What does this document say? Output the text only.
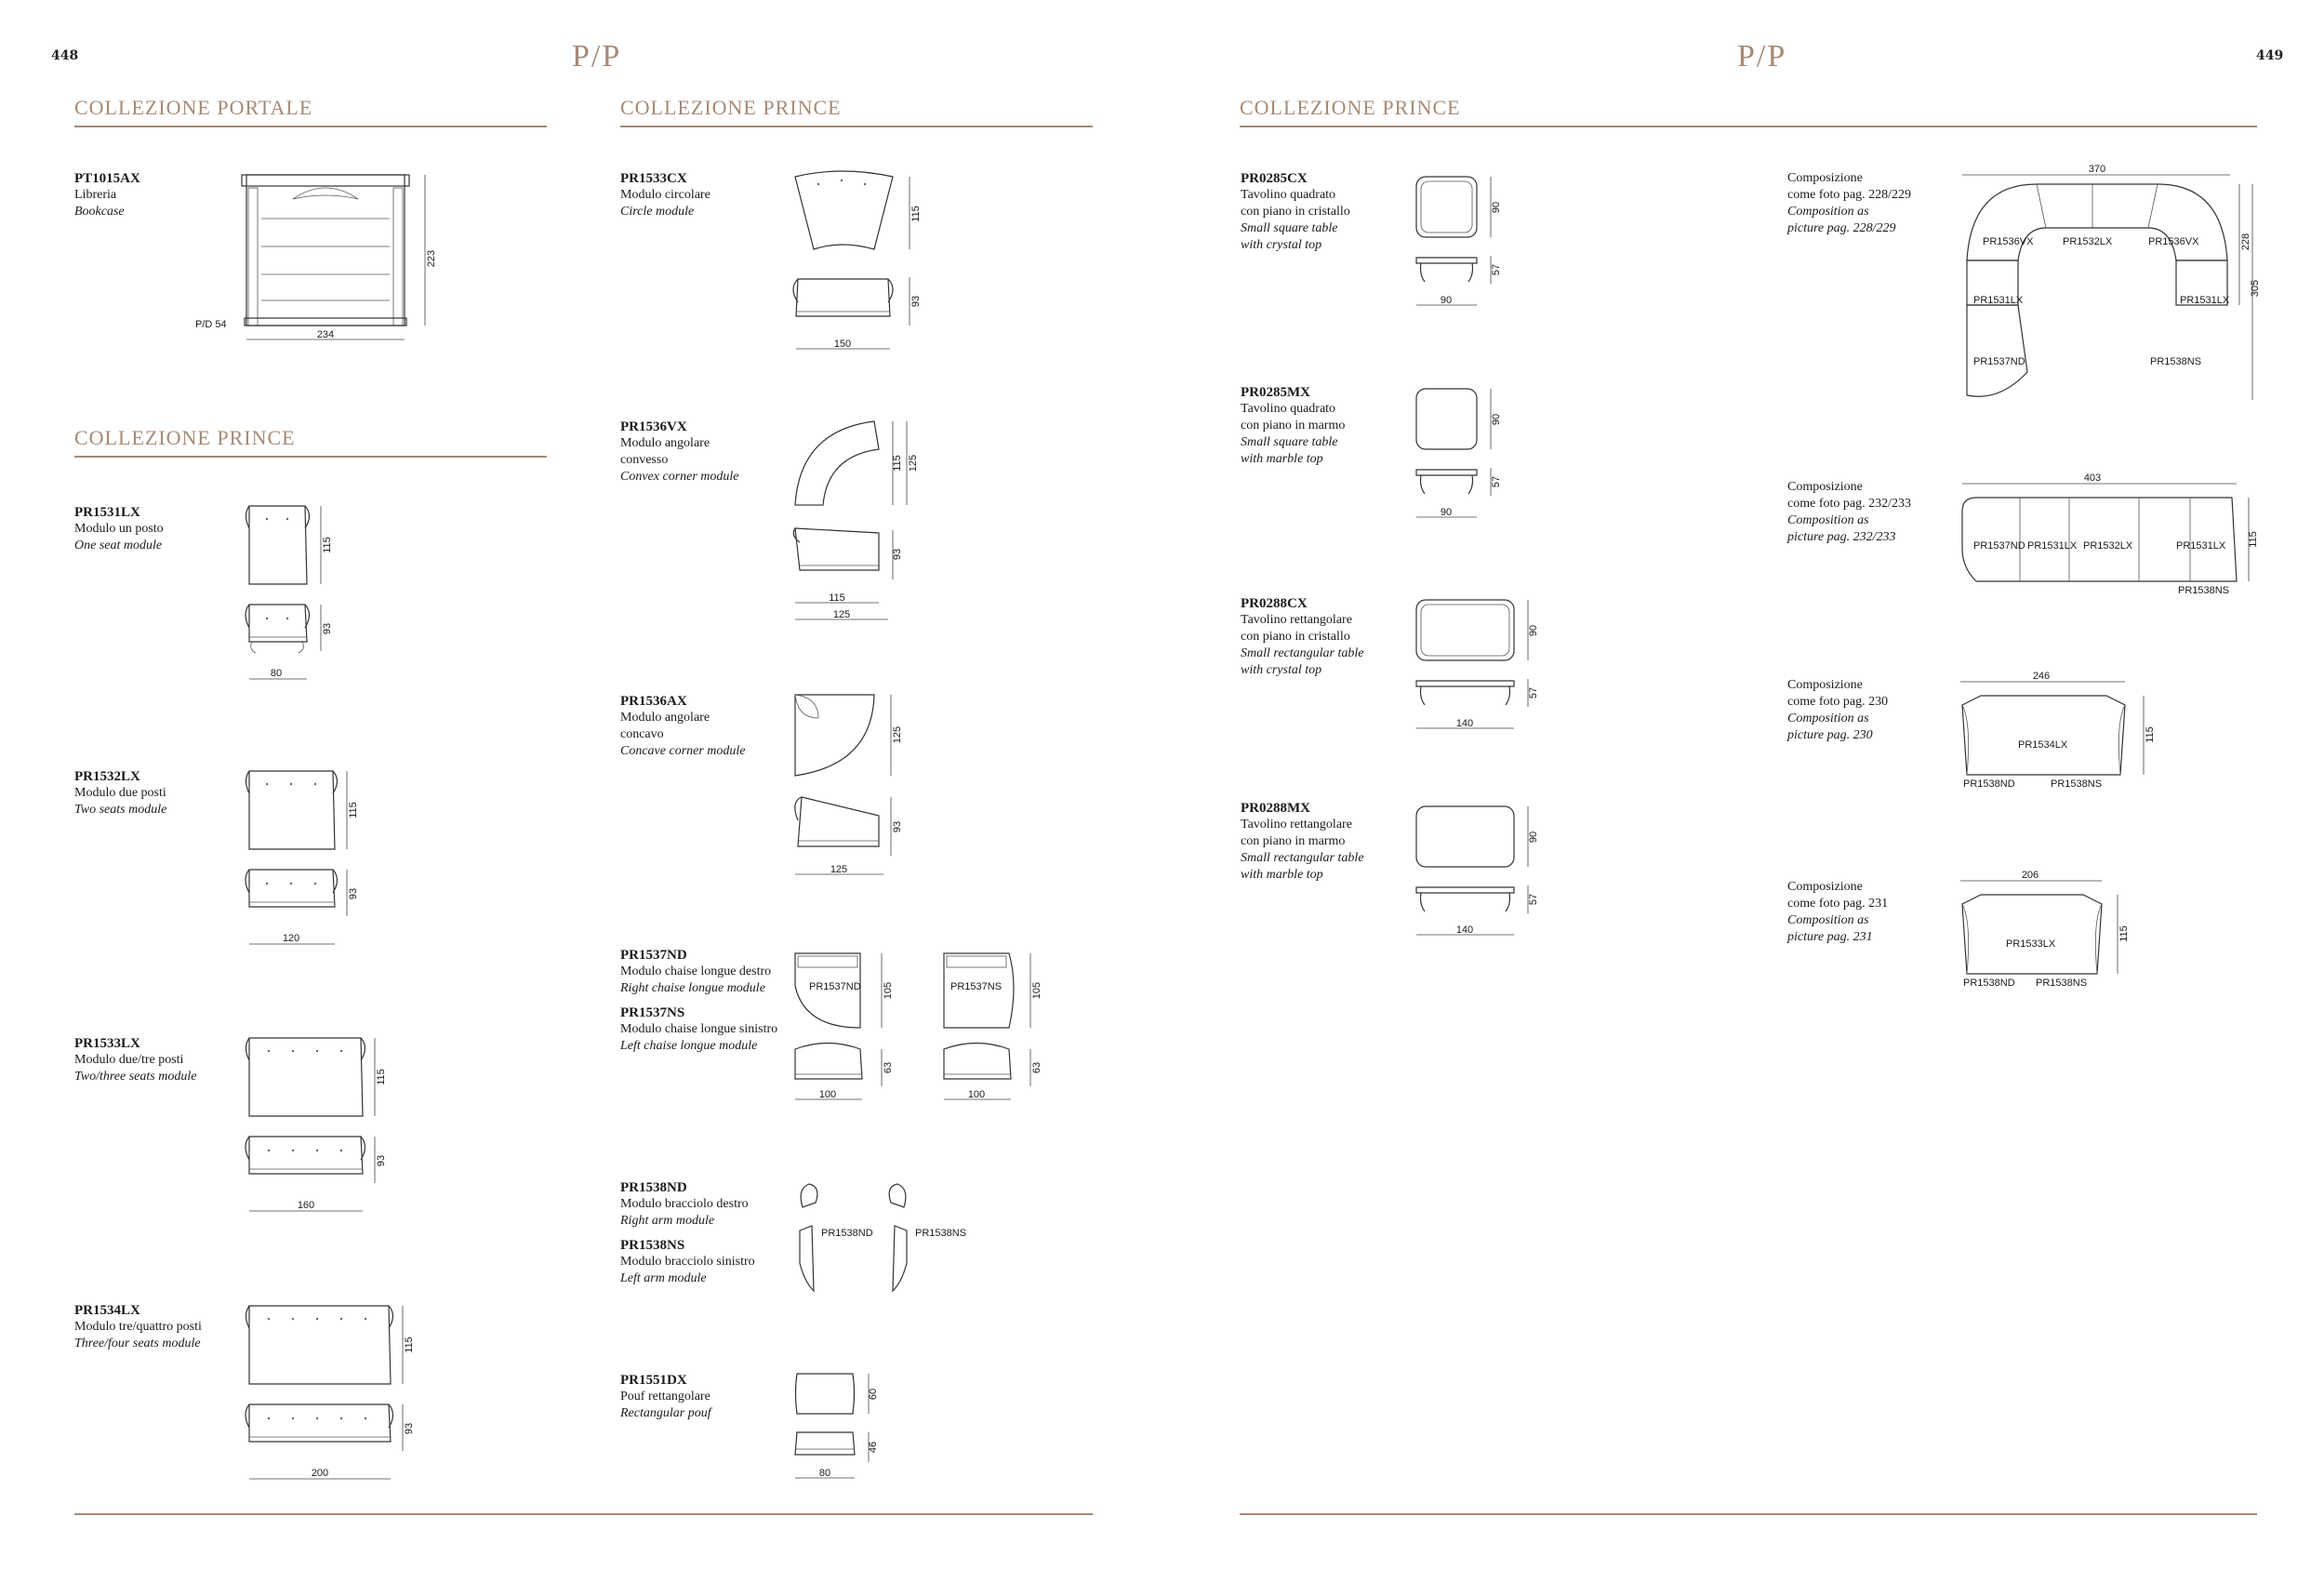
448	449
P/P	P/P
COLLEZIONE PORTALE
COLLEZIONE PRINCE
COLLEZIONE PRINCE	COLLEZIONE PRINCE
PT1015AX
Libreria
Bookcase
223
234
P/D 54
PR1531LX
Modulo un posto
One seat module	115
93
80
PR1532LX
Modulo due posti
Two seats module	115
93
120
PR1533LX
Modulo due/tre posti
Two/three seats module	115
93
160
PR1534LX
Modulo tre/quattro posti
Three/four seats module	115
93
200
PR1533CX
Modulo circolare
Circle module	115
93
150
PR1536VX
Modulo angolare
convesso
Convex corner module
115 125
93
115
125
PR1536AX
Modulo angolare
concavo
Concave corner module
125
93
125
PR1537ND
Modulo chaise longue destro
Right chaise longue module
PR1537NS
Modulo chaise longue sinistro
Left chaise longue module
PR1537ND 105
63
100
PR1537NS	105
63
100
PR1538ND
Modulo bracciolo destro
Right arm module
PR1538NS
Modulo bracciolo sinistro
Left arm module
PR1538ND	PR1538NS
PR1551DX
Pouf rettangolare
Rectangular pouf
60
46
80
PR0285CX
Tavolino quadrato
con piano in cristallo
Small square table
with crystal top
90
57
90
PR0285MX
Tavolino quadrato
con piano in marmo
Small square table
with marble top
90
57
90
PR0288CX
Tavolino rettangolare
con piano in cristallo
Small rectangular table
with crystal top
90
57
140
PR0288MX
Tavolino rettangolare
con piano in marmo
Small rectangular table
with marble top
90
57
140
Composizione
come foto pag. 228/229
Composition as
picture pag. 228/229
370
PR1536VX	PR1532LX	PR1536VX
PR1531LX	PR1531LX
PR1537ND	PR1538NS
228
305
Composizione
come foto pag. 232/233
Composition as
picture pag. 232/233
403
PR1537ND PR1531LX PR1532LX	PR1531LX
PR1538NS
115
Composizione
come foto pag. 230
Composition as
picture pag. 230
246
PR1534LX
PR1538ND	PR1538NS
115
Composizione
come foto pag. 231
Composition as
picture pag. 231
206
PR1533LX
PR1538ND PR1538NS
115
